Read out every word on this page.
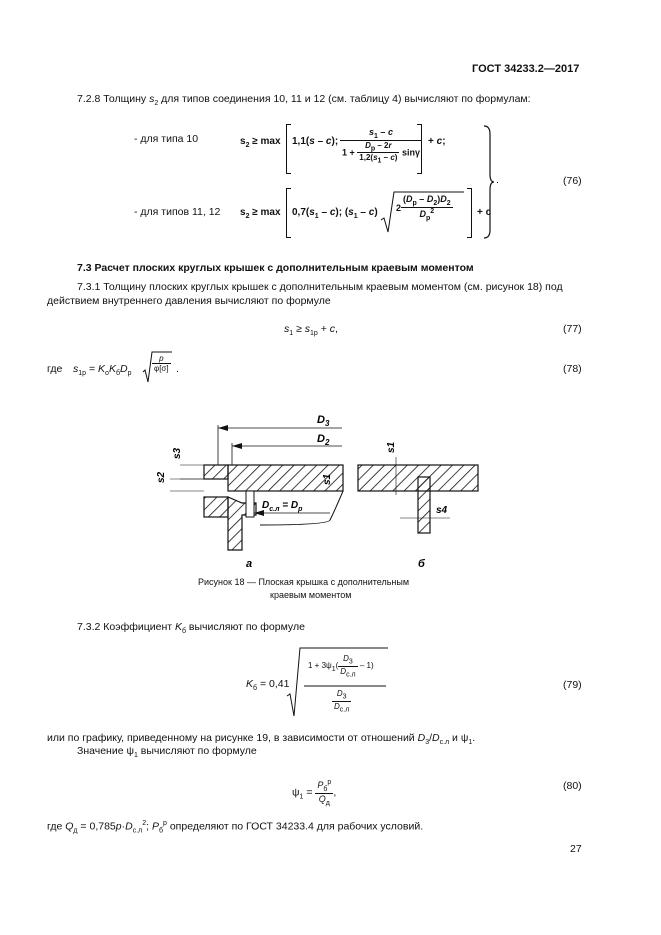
ГОСТ 34233.2—2017
7.2.8 Толщину $s_2$ для типов соединения 10, 11 и 12 (см. таблицу 4) вычисляют по формулам:
- для типа 10
- для типов 11, 12
$s_2 \ge \max 1,1(s - c)$; $\frac{s_1 - c}{1 + \frac{D_р - 2r}{1,2(s_1 - c)} \sin\gamma} + c$;
$s_2 \ge \max 0,7(s_1 - c)$; $(s_1 - c)$ $2 \frac{(D_р - D_2)D_2}{D_р^2} + c$
.	(76)
7.3 Расчет плоских круглых крышек с дополнительным краевым моментом
7.3.1 Толщину плоских круглых крышек с дополнительным краевым моментом (см. рисунок 18) под
действием внутреннего давления вычисляют по формуле
$s_1 \ge s_{1р} + c$,	(77)
где $s_{1р} = K_оK_бD_р$
$\frac{p}{\varphi[\sigma]}$ .	(78)
$D_3$
$D_2$
$D_{с.л} = D_р$
s3
s2	s1
а
s1
s4
б
Рисунок 18 — Плоская крышка с дополнительным
краевым моментом
7.3.2 Коэффициент $K_б$ вычисляют по формуле
$K_б = 0,41$
$1 + 3\psi_1( \frac{D_3}{D_{с.л}} - 1)$
$\frac{D_3}{D_{с.л}}$
(79)
или по графику, приведенному на рисунке 19, в зависимости от отношений $D_3/D_{с.л}$ и $\psi_1$.
Значение $\psi_1$ вычисляют по формуле
$\psi_1 = \frac{P_б^р}{Q_д}$ ,
(80)
где $Q_д = 0,785p\cdot D_{с.л}^2$; $P_б^р$ определяют по ГОСТ 34233.4 для рабочих условий.
27
